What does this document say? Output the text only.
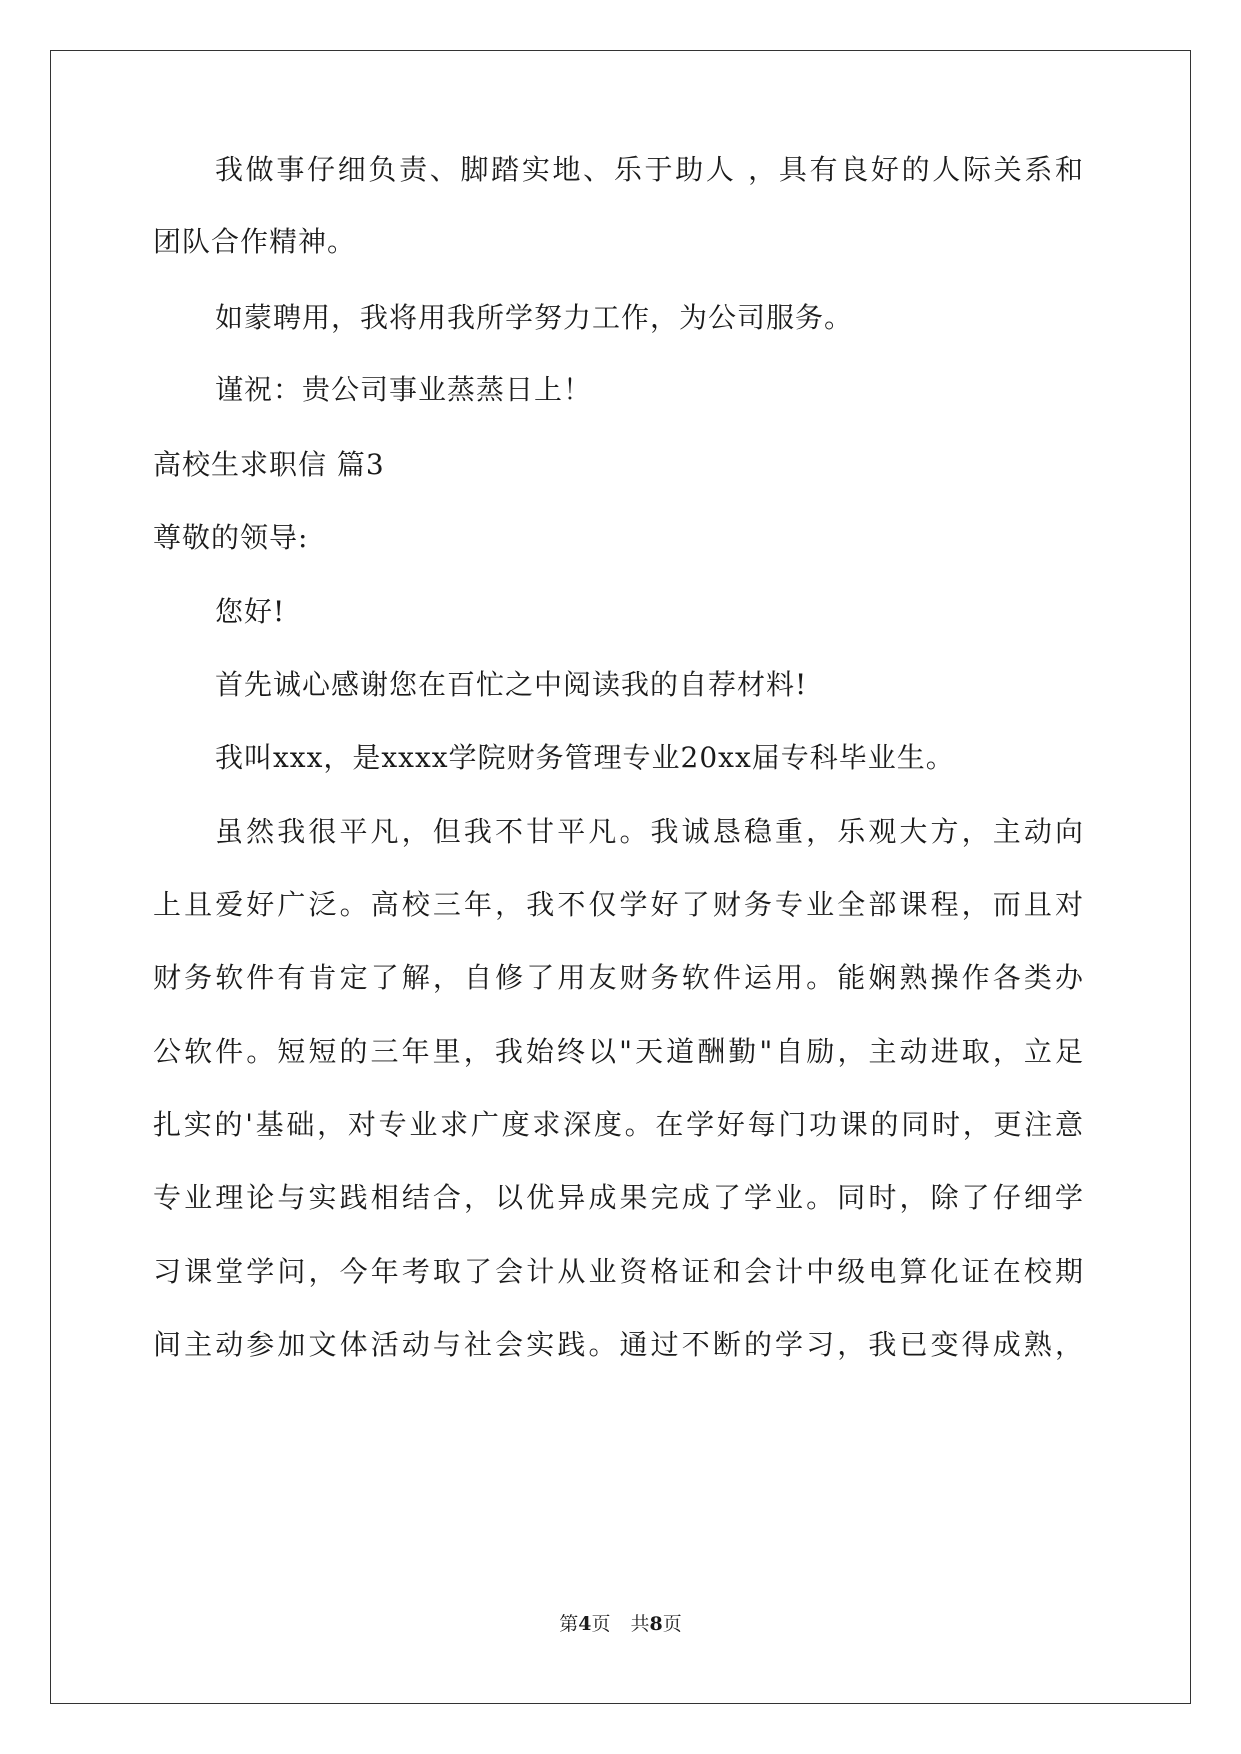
我做事仔细负责、脚踏实地、乐于助人 ，具有良好的人际关系和
团队合作精神。
如蒙聘用，我将用我所学努力工作，为公司服务。
谨祝：贵公司事业蒸蒸日上！
高校生求职信 篇3
尊敬的领导:
您好!
首先诚心感谢您在百忙之中阅读我的自荐材料!
我叫xxx，是xxxx学院财务管理专业20xx届专科毕业生。
虽然我很平凡，但我不甘平凡。我诚恳稳重，乐观大方，主动向
上且爱好广泛。高校三年，我不仅学好了财务专业全部课程，而且对
财务软件有肯定了解，自修了用友财务软件运用。能娴熟操作各类办
公软件。短短的三年里，我始终以"天道酬勤"自励，主动进取，立足
扎实的'基础，对专业求广度求深度。在学好每门功课的同时，更注意
专业理论与实践相结合，以优异成果完成了学业。同时，除了仔细学
习课堂学问，今年考取了会计从业资格证和会计中级电算化证在校期
间主动参加文体活动与社会实践。通过不断的学习，我已变得成熟，
第4页 共8页
